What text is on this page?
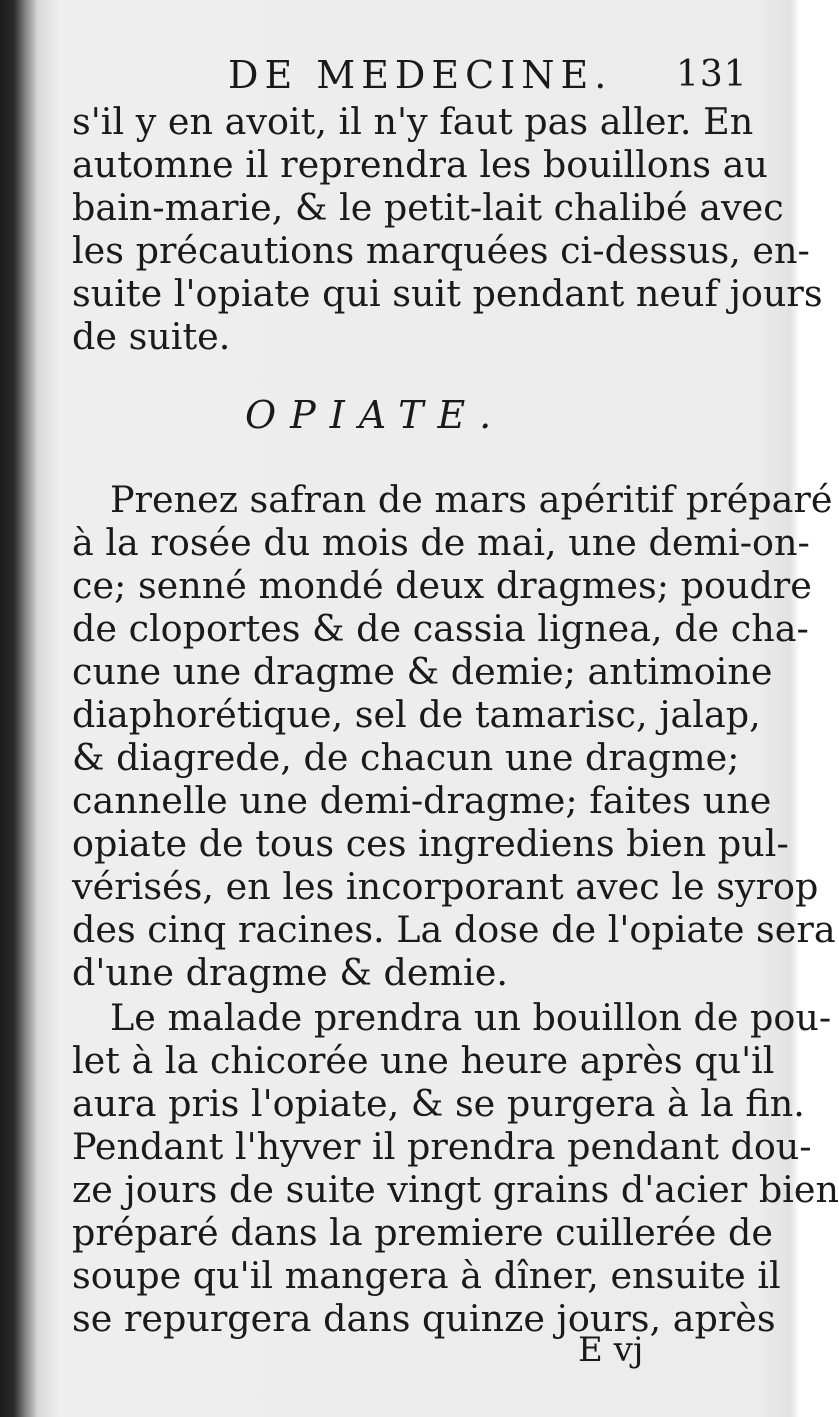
DE MEDECINE. 131
s'il y en avoit, il n'y faut pas aller. En
automne il reprendra les bouillons au
bain-marie, & le petit-lait chalibé avec
les précautions marquées ci-dessus, en-
suite l'opiate qui suit pendant neuf jours
de suite.
OPIATE.
Prenez safran de mars apéritif préparé
à la rosée du mois de mai, une demi-on-
ce; senné mondé deux dragmes; poudre
de cloportes & de cassia lignea, de cha-
cune une dragme & demie; antimoine
diaphorétique, sel de tamarisc, jalap,
& diagrede, de chacun une dragme;
cannelle une demi-dragme; faites une
opiate de tous ces ingrediens bien pul-
vérisés, en les incorporant avec le syrop
des cinq racines. La dose de l'opiate sera
d'une dragme & demie.
Le malade prendra un bouillon de pou-
let à la chicorée une heure après qu'il
aura pris l'opiate, & se purgera à la fin.
Pendant l'hyver il prendra pendant dou-
ze jours de suite vingt grains d'acier bien
préparé dans la premiere cuillerée de
soupe qu'il mangera à dîner, ensuite il
se repurgera dans quinze jours, après
E vj
